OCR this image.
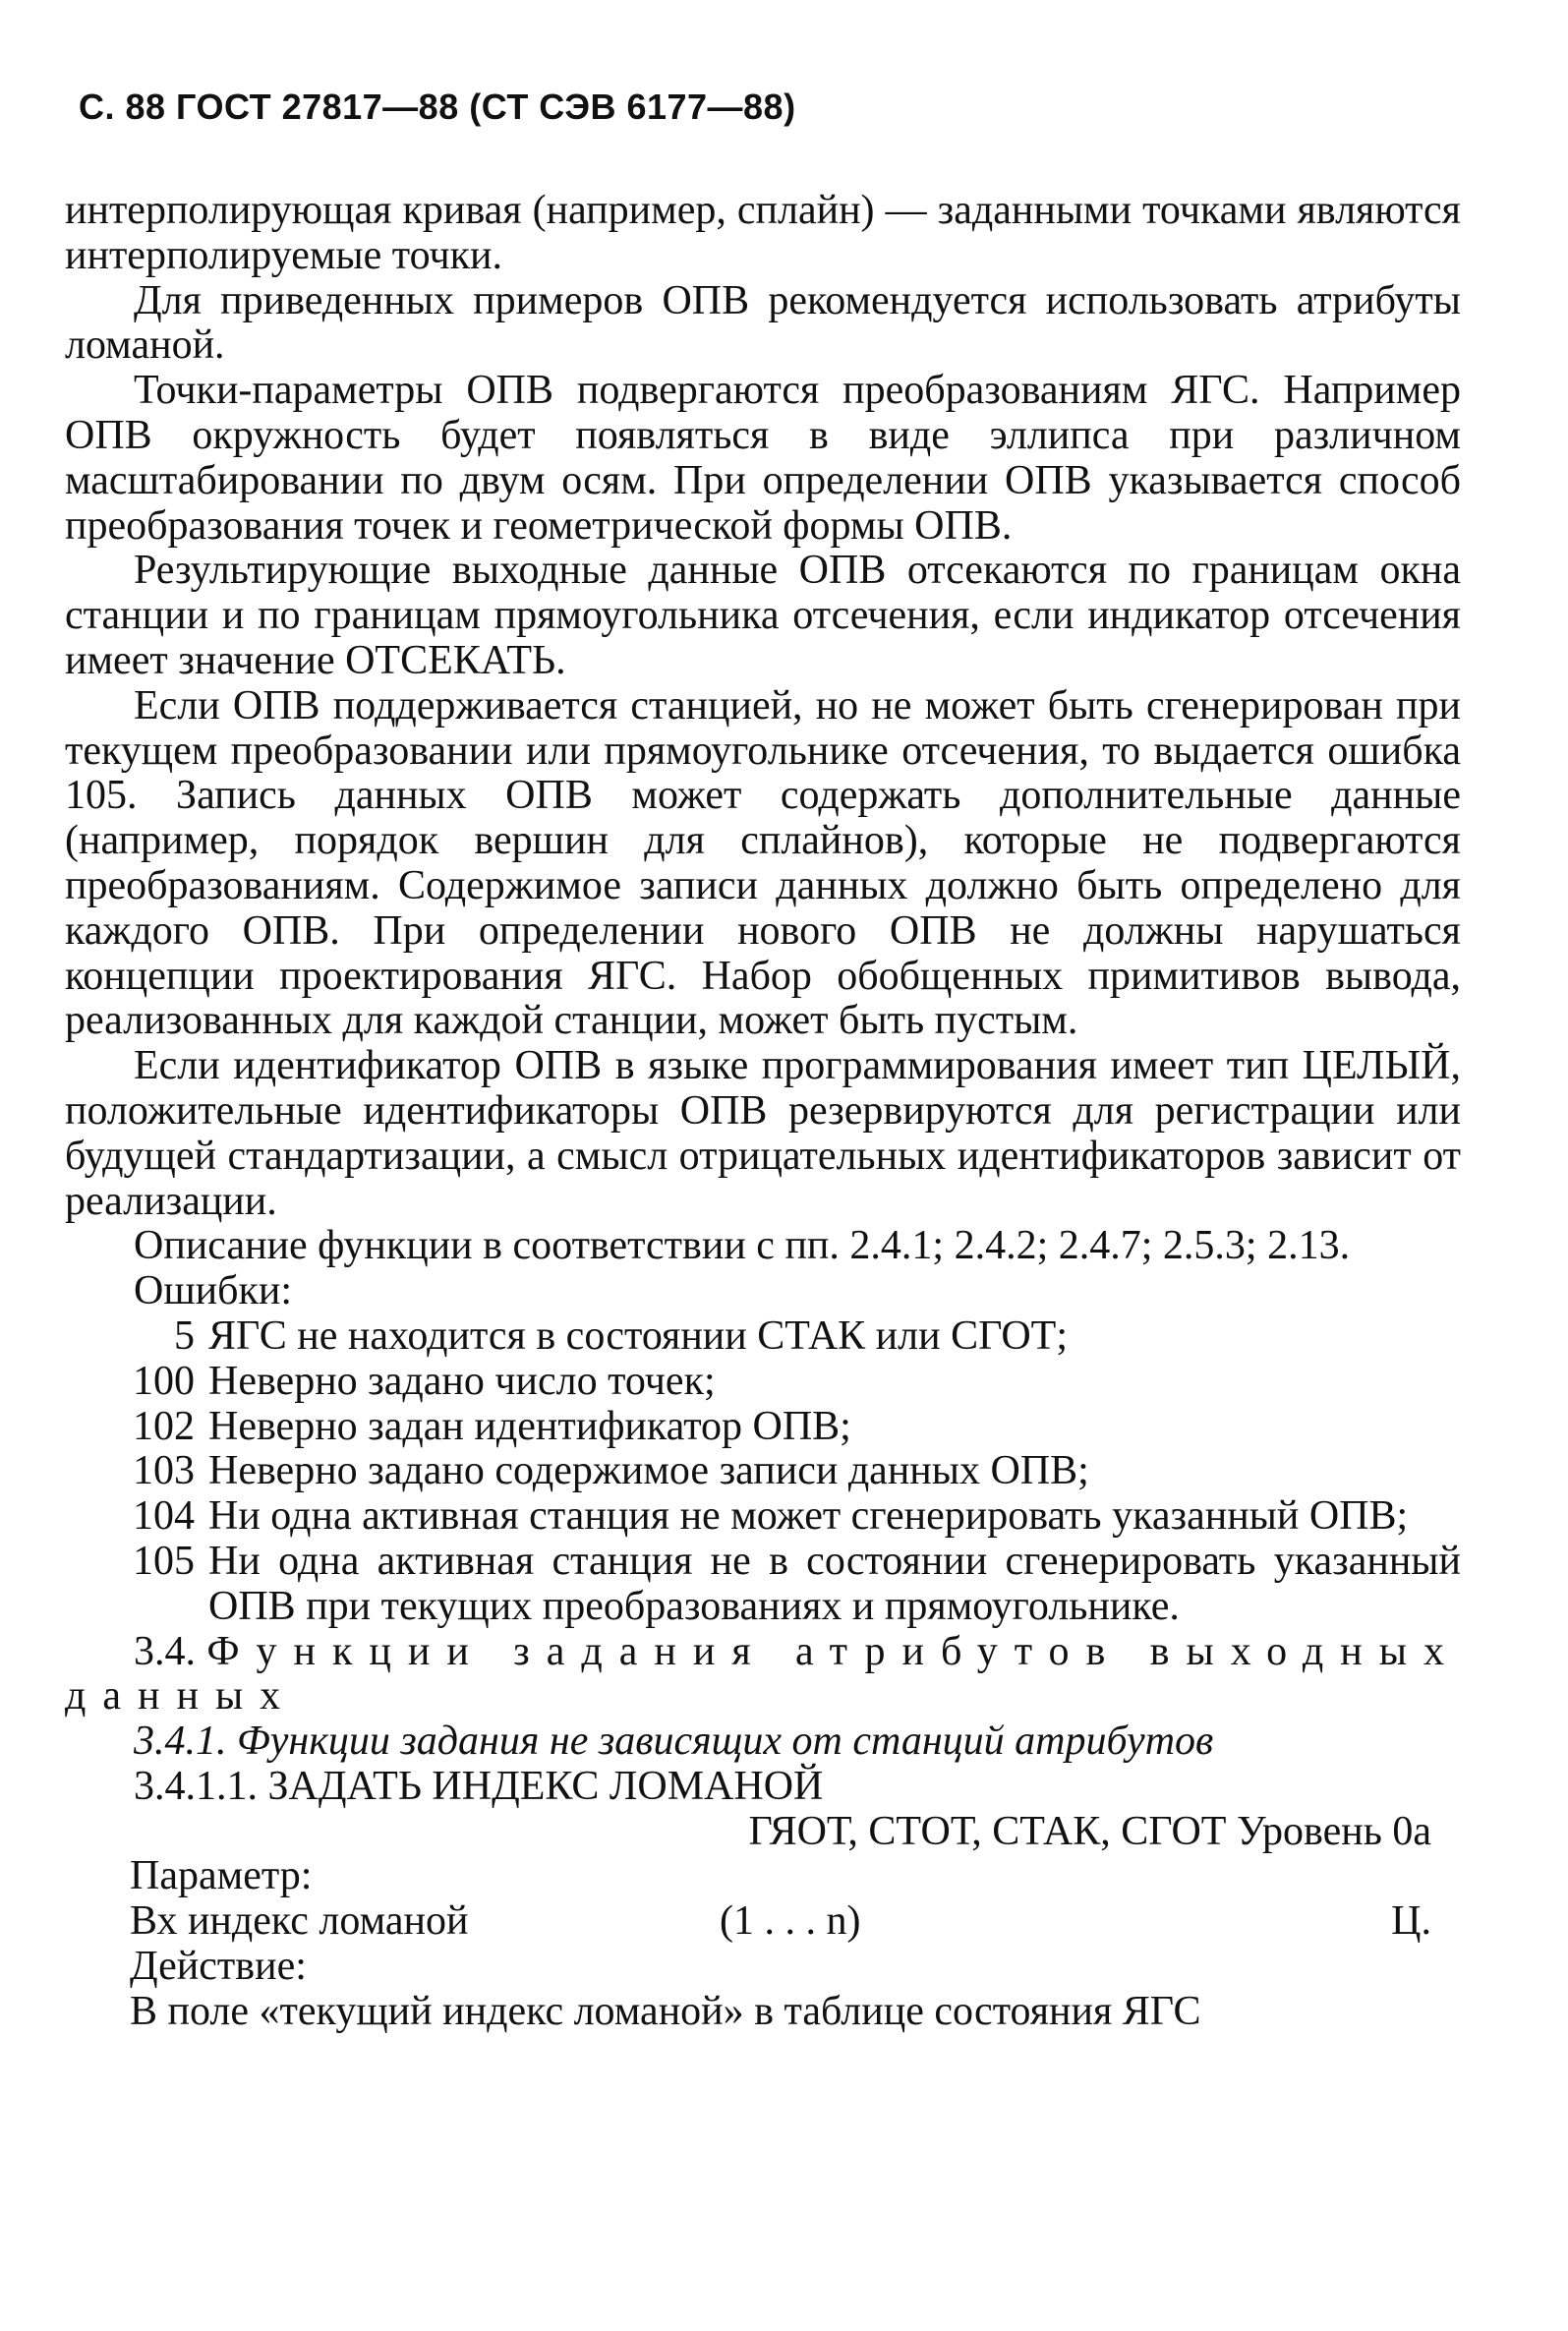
С. 88 ГОСТ 27817—88 (СТ СЭВ 6177—88)

интерполирующая кривая (например, сплайн) — заданными точками являются интерполируемые точки.

Для приведенных примеров ОПВ рекомендуется использовать атрибуты ломаной.

Точки-параметры ОПВ подвергаются преобразованиям ЯГС. Например ОПВ окружность будет появляться в виде эллипса при различном масштабировании по двум осям. При определении ОПВ указывается способ преобразования точек и геометрической формы ОПВ.

Результирующие выходные данные ОПВ отсекаются по границам окна станции и по границам прямоугольника отсечения, если индикатор отсечения имеет значение ОТСЕКАТЬ.

Если ОПВ поддерживается станцией, но не может быть сгенерирован при текущем преобразовании или прямоугольнике отсечения, то выдается ошибка 105. Запись данных ОПВ может содержать дополнительные данные (например, порядок вершин для сплайнов), которые не подвергаются преобразованиям. Содержимое записи данных должно быть определено для каждого ОПВ. При определении нового ОПВ не должны нарушаться концепции проектирования ЯГС. Набор обобщенных примитивов вывода, реализованных для каждой станции, может быть пустым.

Если идентификатор ОПВ в языке программирования имеет тип ЦЕЛЫЙ, положительные идентификаторы ОПВ резервируются для регистрации или будущей стандартизации, а смысл отрицательных идентификаторов зависит от реализации.

Описание функции в соответствии с пп. 2.4.1; 2.4.2; 2.4.7; 2.5.3; 2.13.

Ошибки:

5 ЯГС не находится в состоянии СТАК или СГОТ;
100 Неверно задано число точек;
102 Неверно задан идентификатор ОПВ;
103 Неверно задано содержимое записи данных ОПВ;
104 Ни одна активная станция не может сгенерировать указанный ОПВ;
105 Ни одна активная станция не в состоянии сгенерировать указанный ОПВ при текущих преобразованиях и прямоугольнике.

3.4. Функции задания атрибутов выходных данных

3.4.1. Функции задания не зависящих от станций атрибутов

3.4.1.1. ЗАДАТЬ ИНДЕКС ЛОМАНОЙ

ГЯОТ, СТОТ, СТАК, СГОТ Уровень 0а

Параметр:

Вх индекс ломаной	(1 . . . n)	Ц.

Действие:

В поле «текущий индекс ломаной» в таблице состояния ЯГС
